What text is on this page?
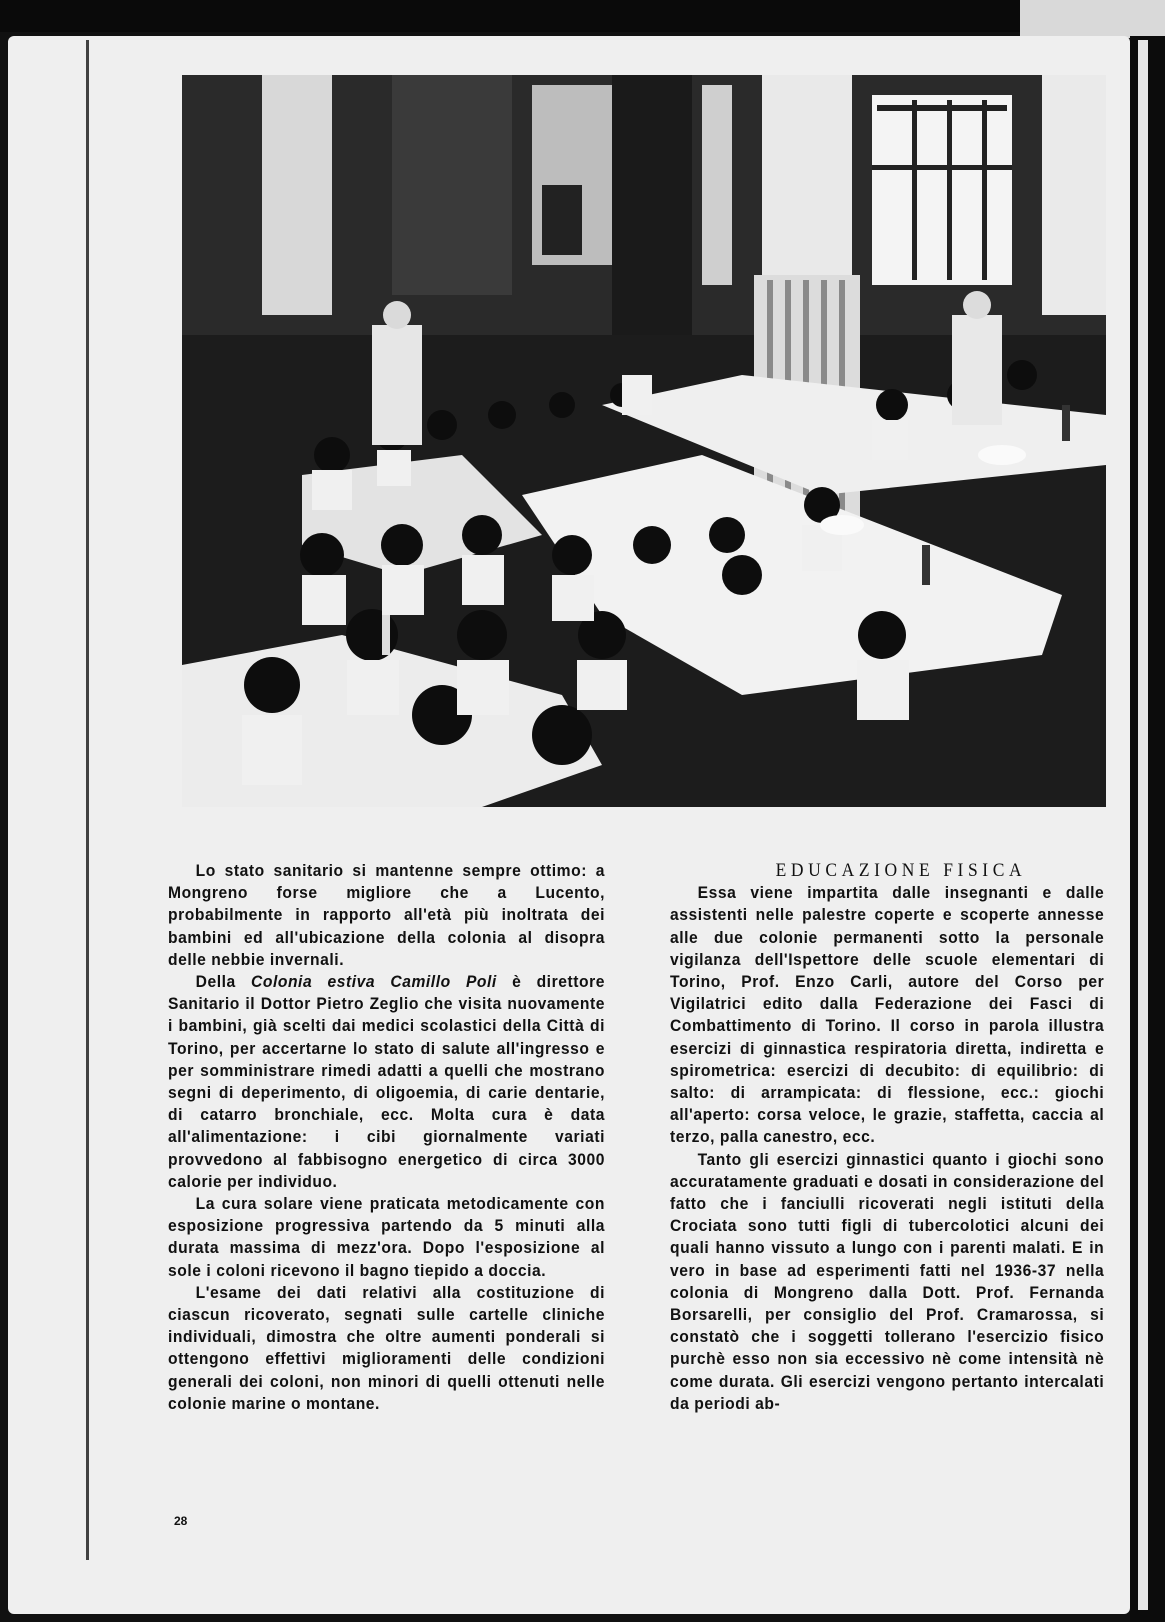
Lo stato sanitario si mantenne sempre ottimo: a Mongreno forse migliore che a Lucento, probabilmente in rapporto all'età più inoltrata dei bambini ed all'ubicazione della colonia al disopra delle nebbie invernali.

Della Colonia estiva Camillo Poli è direttore Sanitario il Dottor Pietro Zeglio che visita nuovamente i bambini, già scelti dai medici scolastici della Città di Torino, per accertarne lo stato di salute all'ingresso e per somministrare rimedi adatti a quelli che mostrano segni di deperimento, di oligoemia, di carie dentarie, di catarro bronchiale, ecc. Molta cura è data all'alimentazione: i cibi giornalmente variati provvedono al fabbisogno energetico di circa 3000 calorie per individuo.

La cura solare viene praticata metodicamente con esposizione progressiva partendo da 5 minuti alla durata massima di mezz'ora. Dopo l'esposizione al sole i coloni ricevono il bagno tiepido a doccia.

L'esame dei dati relativi alla costituzione di ciascun ricoverato, segnati sulle cartelle cliniche individuali, dimostra che oltre aumenti ponderali si ottengono effettivi miglioramenti delle condizioni generali dei coloni, non minori di quelli ottenuti nelle colonie marine o montane.

EDUCAZIONE FISICA

Essa viene impartita dalle insegnanti e dalle assistenti nelle palestre coperte e scoperte annesse alle due colonie permanenti sotto la personale vigilanza dell'Ispettore delle scuole elementari di Torino, Prof. Enzo Carli, autore del Corso per Vigilatrici edito dalla Federazione dei Fasci di Combattimento di Torino. Il corso in parola illustra esercizi di ginnastica respiratoria diretta, indiretta e spirometrica: esercizi di decubito: di equilibrio: di salto: di arrampicata: di flessione, ecc.: giochi all'aperto: corsa veloce, le grazie, staffetta, caccia al terzo, palla canestro, ecc.

Tanto gli esercizi ginnastici quanto i giochi sono accuratamente graduati e dosati in considerazione del fatto che i fanciulli ricoverati negli istituti della Crociata sono tutti figli di tubercolotici alcuni dei quali hanno vissuto a lungo con i parenti malati. E in vero in base ad esperimenti fatti nel 1936-37 nella colonia di Mongreno dalla Dott. Prof. Fernanda Borsarelli, per consiglio del Prof. Cramarossa, si constatò che i soggetti tollerano l'esercizio fisico purchè esso non sia eccessivo nè come intensità nè come durata. Gli esercizi vengono pertanto intercalati da periodi ab-

28
